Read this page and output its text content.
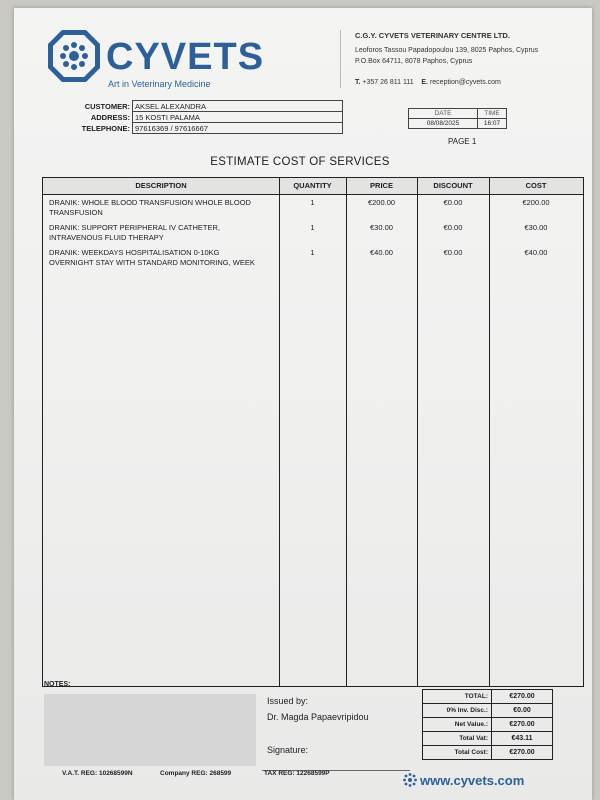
CYVETS
Art in Veterinary Medicine
C.G.Y. CYVETS VETERINARY CENTRE LTD.
Leoforos Tassou Papadopoulou 139, 8025 Paphos, Cyprus
P.O.Box 64711, 8078 Paphos, Cyprus
T. +357 26 811 111 E. reception@cyvets.com
CUSTOMER:	AKSEL ALEXANDRA
ADDRESS:	15 KOSTI PALAMA
TELEPHONE:	97616369 / 97616667
DATE	TIME
08/08/2025	16:07
PAGE 1
ESTIMATE COST OF SERVICES
DESCRIPTION	QUANTITY	PRICE	DISCOUNT	COST
DRANIK: WHOLE BLOOD TRANSFUSION WHOLE BLOOD
TRANSFUSION
1	€200.00	€0.00	€200.00
DRANIK: SUPPORT PERIPHERAL IV CATHETER,
INTRAVENOUS FLUID THERAPY
1	€30.00	€0.00	€30.00
DRANIK: WEEKDAYS HOSPITALISATION 0-10KG
OVERNIGHT STAY WITH STANDARD MONITORING, WEEK
1	€40.00	€0.00	€40.00
NOTES:
Issued by:
Dr. Magda Papaevripidou
Signature:
TOTAL:	€270.00
0% Inv. Disc.:	€0.00
Net Value.:	€270.00
Total Vat:	€43.11
Total Cost:	€270.00
V.A.T. REG: 10268599N	Company REG: 268599	TAX REG: 12268599P	www.cyvets.com
